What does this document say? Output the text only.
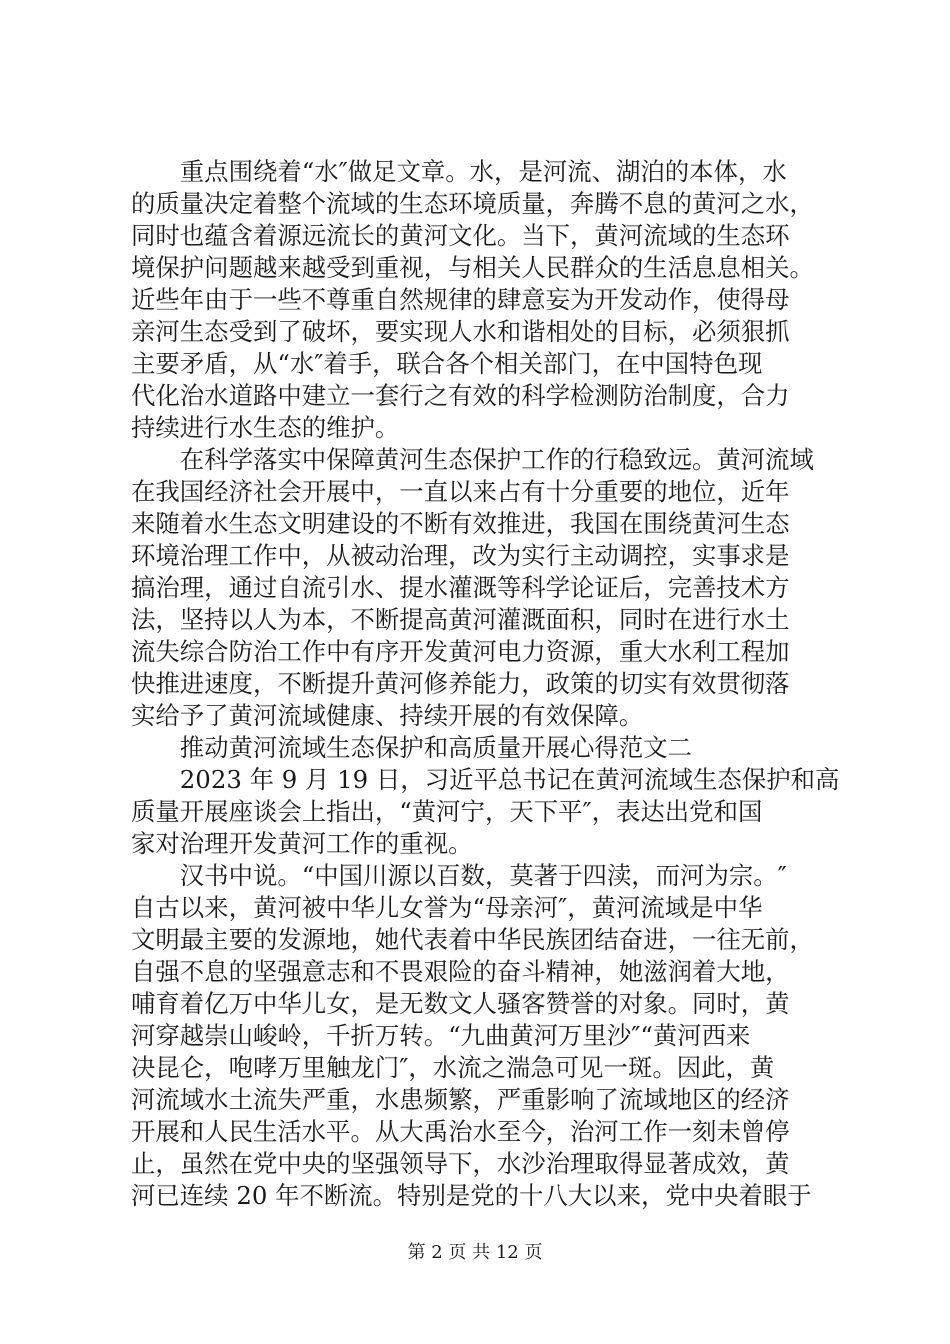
　　重点围绕着“水″做足文章。水，是河流、湖泊的本体，水
的质量决定着整个流域的生态环境质量，奔腾不息的黄河之水，
同时也蕴含着源远流长的黄河文化。当下，黄河流域的生态环
境保护问题越来越受到重视，与相关人民群众的生活息息相关。
近些年由于一些不尊重自然规律的肆意妄为开发动作，使得母
亲河生态受到了破坏，要实现人水和谐相处的目标，必须狠抓
主要矛盾，从“水″着手，联合各个相关部门，在中国特色现
代化治水道路中建立一套行之有效的科学检测防治制度，合力
持续进行水生态的维护。
　　在科学落实中保障黄河生态保护工作的行稳致远。黄河流域
在我国经济社会开展中，一直以来占有十分重要的地位，近年
来随着水生态文明建设的不断有效推进，我国在围绕黄河生态
环境治理工作中，从被动治理，改为实行主动调控，实事求是
搞治理，通过自流引水、提水灌溉等科学论证后，完善技术方
法，坚持以人为本，不断提高黄河灌溉面积，同时在进行水土
流失综合防治工作中有序开发黄河电力资源，重大水利工程加
快推进速度，不断提升黄河修养能力，政策的切实有效贯彻落
实给予了黄河流域健康、持续开展的有效保障。
　　推动黄河流域生态保护和高质量开展心得范文二
　　2023 年 9 月 19 日，习近平总书记在黄河流域生态保护和高
质量开展座谈会上指出，“黄河宁，天下平″，表达出党和国
家对治理开发黄河工作的重视。
　　汉书中说。“中国川源以百数，莫著于四渎，而河为宗。″
自古以来，黄河被中华儿女誉为“母亲河″，黄河流域是中华
文明最主要的发源地，她代表着中华民族团结奋进，一往无前，
自强不息的坚强意志和不畏艰险的奋斗精神，她滋润着大地，
哺育着亿万中华儿女，是无数文人骚客赞誉的对象。同时，黄
河穿越崇山峻岭，千折万转。“九曲黄河万里沙″“黄河西来
决昆仑，咆哮万里触龙门″，水流之湍急可见一斑。因此，黄
河流域水土流失严重，水患频繁，严重影响了流域地区的经济
开展和人民生活水平。从大禹治水至今，治河工作一刻未曾停
止，虽然在党中央的坚强领导下，水沙治理取得显著成效，黄
河已连续 20 年不断流。特别是党的十八大以来，党中央着眼于
第 2 页 共 12 页
